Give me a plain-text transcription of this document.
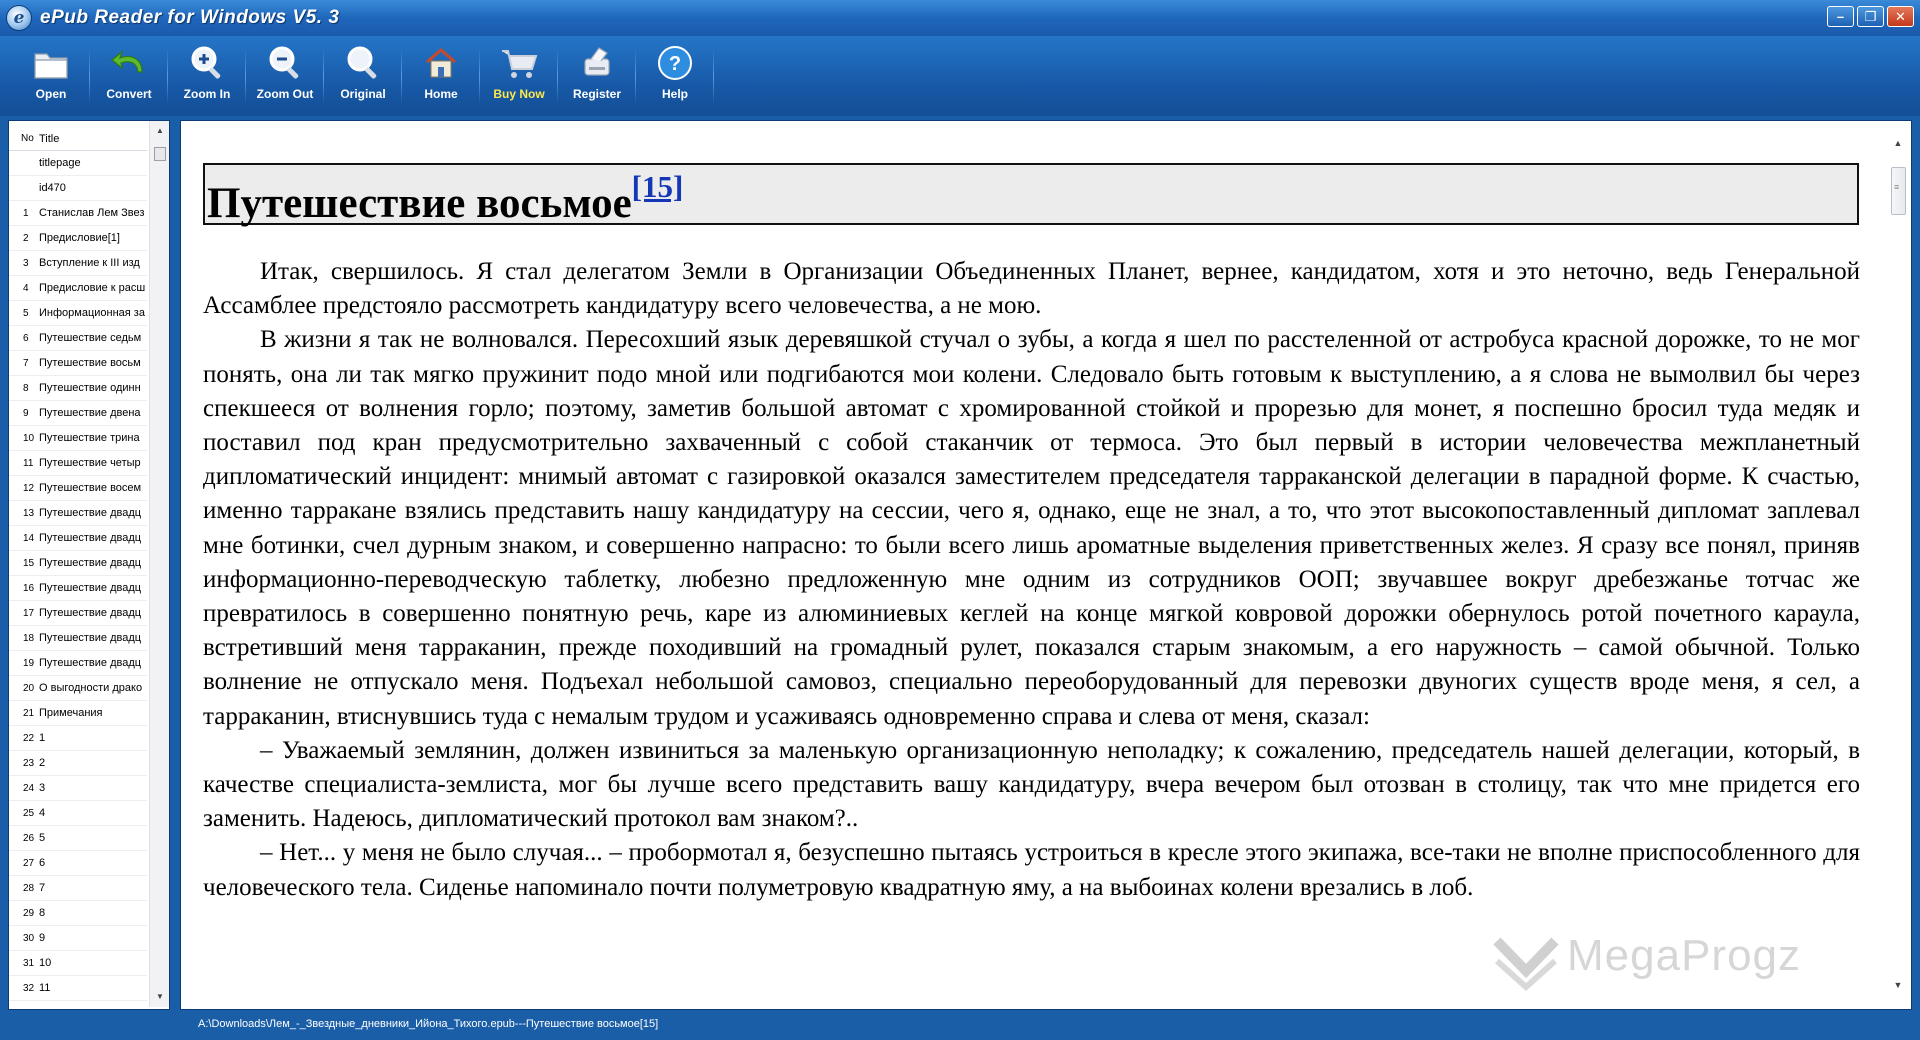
e ePub Reader for Windows V5. 3	–	❐	✕
Open	Convert	Zoom In Zoom Out Original	Home	Buy Now Register
?
Help
No Title
titlepage
id470
1 Станислав Лем Звез
2 Предисловие[1]
3 Вступление к III изд
4 Предисловие к расш
5 Информационная за
6 Путешествие седьм
7 Путешествие восьм
8 Путешествие одинн
9 Путешествие двена
10 Путешествие трина
11 Путешествие четыр
12 Путешествие восем
13 Путешествие двадц
14 Путешествие двадц
15 Путешествие двадц
16 Путешествие двадц
17 Путешествие двадц
18 Путешествие двадц
19 Путешествие двадц
20 О выгодности драко
21 Примечания
22 1
23 2
24 3
25 4
26 5
27 6
28 7
29 8
30 9
31 10
32 11
▲
▼
Путешествие восьмое[15]

Итак, свершилось. Я стал делегатом Земли в Организации Объединенных Планет, вернее, кандидатом, хотя и это неточно, ведь Генеральной Ассамблее предстояло рассмотреть кандидатуру всего человечества, а не мою.

В жизни я так не волновался. Пересохший язык деревяшкой стучал о зубы, а когда я шел по расстеленной от астробуса красной дорожке, то не мог понять, она ли так мягко пружинит подо мной или подгибаются мои колени. Следовало быть готовым к выступлению, а я слова не вымолвил бы через спекшееся от волнения горло; поэтому, заметив большой автомат с хромированной стойкой и прорезью для монет, я поспешно бросил туда медяк и поставил под кран предусмотрительно захваченный с собой стаканчик от термоса. Это был первый в истории человечества межпланетный дипломатический инцидент: мнимый автомат с газировкой оказался заместителем председателя тарраканской делегации в парадной форме. К счастью, именно тарракане взялись представить нашу кандидатуру на сессии, чего я, однако, еще не знал, а то, что этот высокопоставленный дипломат заплевал мне ботинки, счел дурным знаком, и совершенно напрасно: то были всего лишь ароматные выделения приветственных желез. Я сразу все понял, приняв информационно-переводческую таблетку, любезно предложенную мне одним из сотрудников ООП; звучавшее вокруг дребезжанье тотчас же превратилось в совершенно понятную речь, каре из алюминиевых кеглей на конце мягкой ковровой дорожки обернулось ротой почетного караула, встретивший меня тарраканин, прежде походивший на громадный рулет, показался старым знакомым, а его наружность – самой обычной. Только волнение не отпускало меня. Подъехал небольшой самовоз, специально переоборудованный для перевозки двуногих существ вроде меня, я сел, а тарраканин, втиснувшись туда с немалым трудом и усаживаясь одновременно справа и слева от меня, сказал:

– Уважаемый землянин, должен извиниться за маленькую организационную неполадку; к сожалению, председатель нашей делегации, который, в качестве специалиста-землиста, мог бы лучше всего представить вашу кандидатуру, вчера вечером был отозван в столицу, так что мне придется его заменить. Надеюсь, дипломатический протокол вам знаком?..

– Нет... у меня не было случая... – пробормотал я, безуспешно пытаясь устроиться в кресле этого экипажа, все-таки не вполне приспособленного для человеческого тела. Сиденье напоминало почти полуметровую квадратную яму, а на выбоинах колени врезались в лоб.

MegaProgz
▲
≡
▼
A:\Downloads\Лем_-_Звездные_дневники_Ийона_Тихого.epub---Путешествие восьмое[15]
